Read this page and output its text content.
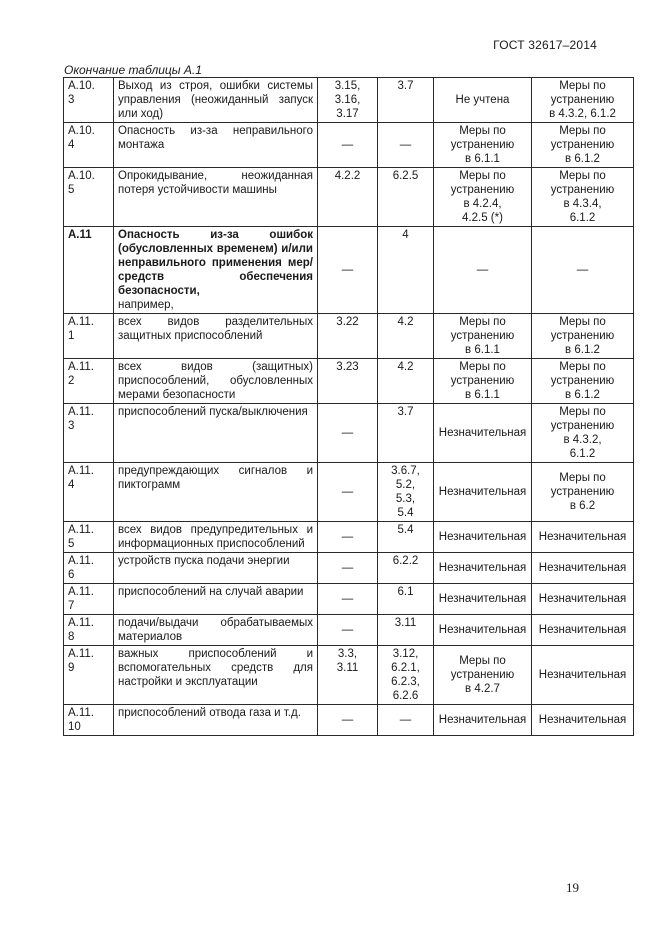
ГОСТ 32617–2014
Окончание таблицы А.1
А.10.
3	Выход из строя, ошибки системы управления (неожиданный запуск или ход)	3.15,
3.16,
3.17	3.7	Не учтена	Меры по
устранению
в 4.3.2, 6.1.2
А.10.
4	Опасность из-за неправильного монтажа	—	—	Меры по
устранению
в 6.1.1	Меры по
устранению
в 6.1.2
А.10.
5	Опрокидывание, неожиданная потеря устойчивости машины	4.2.2	6.2.5	Меры по
устранению
в 4.2.4,
4.2.5 (*)	Меры по
устранению
в 4.3.4,
6.1.2
А.11	Опасность из-за ошибок (обусловленных временем) и/или неправильного применения мер/средств обеспечения безопасности,
например,	—	4	—	—
А.11.
1	всех видов разделительных защитных приспособлений	3.22	4.2	Меры по
устранению
в 6.1.1	Меры по
устранению
в 6.1.2
А.11.
2	всех видов (защитных) приспособлений, обусловленных мерами безопасности	3.23	4.2	Меры по
устранению
в 6.1.1	Меры по
устранению
в 6.1.2
А.11.
3	приспособлений пуска/выключения	—	3.7	Незначительная	Меры по
устранению
в 4.3.2,
6.1.2
А.11.
4	предупреждающих сигналов и пиктограмм	—	3.6.7,
5.2,
5.3,
5.4	Незначительная	Меры по
устранению
в 6.2
А.11.
5	всех видов предупредительных и информационных приспособлений	—	5.4	Незначительная	Незначительная
А.11.
6	устройств пуска подачи энергии	—	6.2.2	Незначительная	Незначительная
А.11.
7	приспособлений на случай аварии	—	6.1	Незначительная	Незначительная
А.11.
8	подачи/выдачи обрабатываемых материалов	—	3.11	Незначительная	Незначительная
А.11.
9	важных приспособлений и вспомогательных средств для настройки и эксплуатации	3.3,
3.11	3.12,
6.2.1,
6.2.3,
6.2.6	Меры по
устранению
в 4.2.7	Незначительная
А.11.
10	приспособлений отвода газа и т.д.	—	—	Незначительная	Незначительная
19
